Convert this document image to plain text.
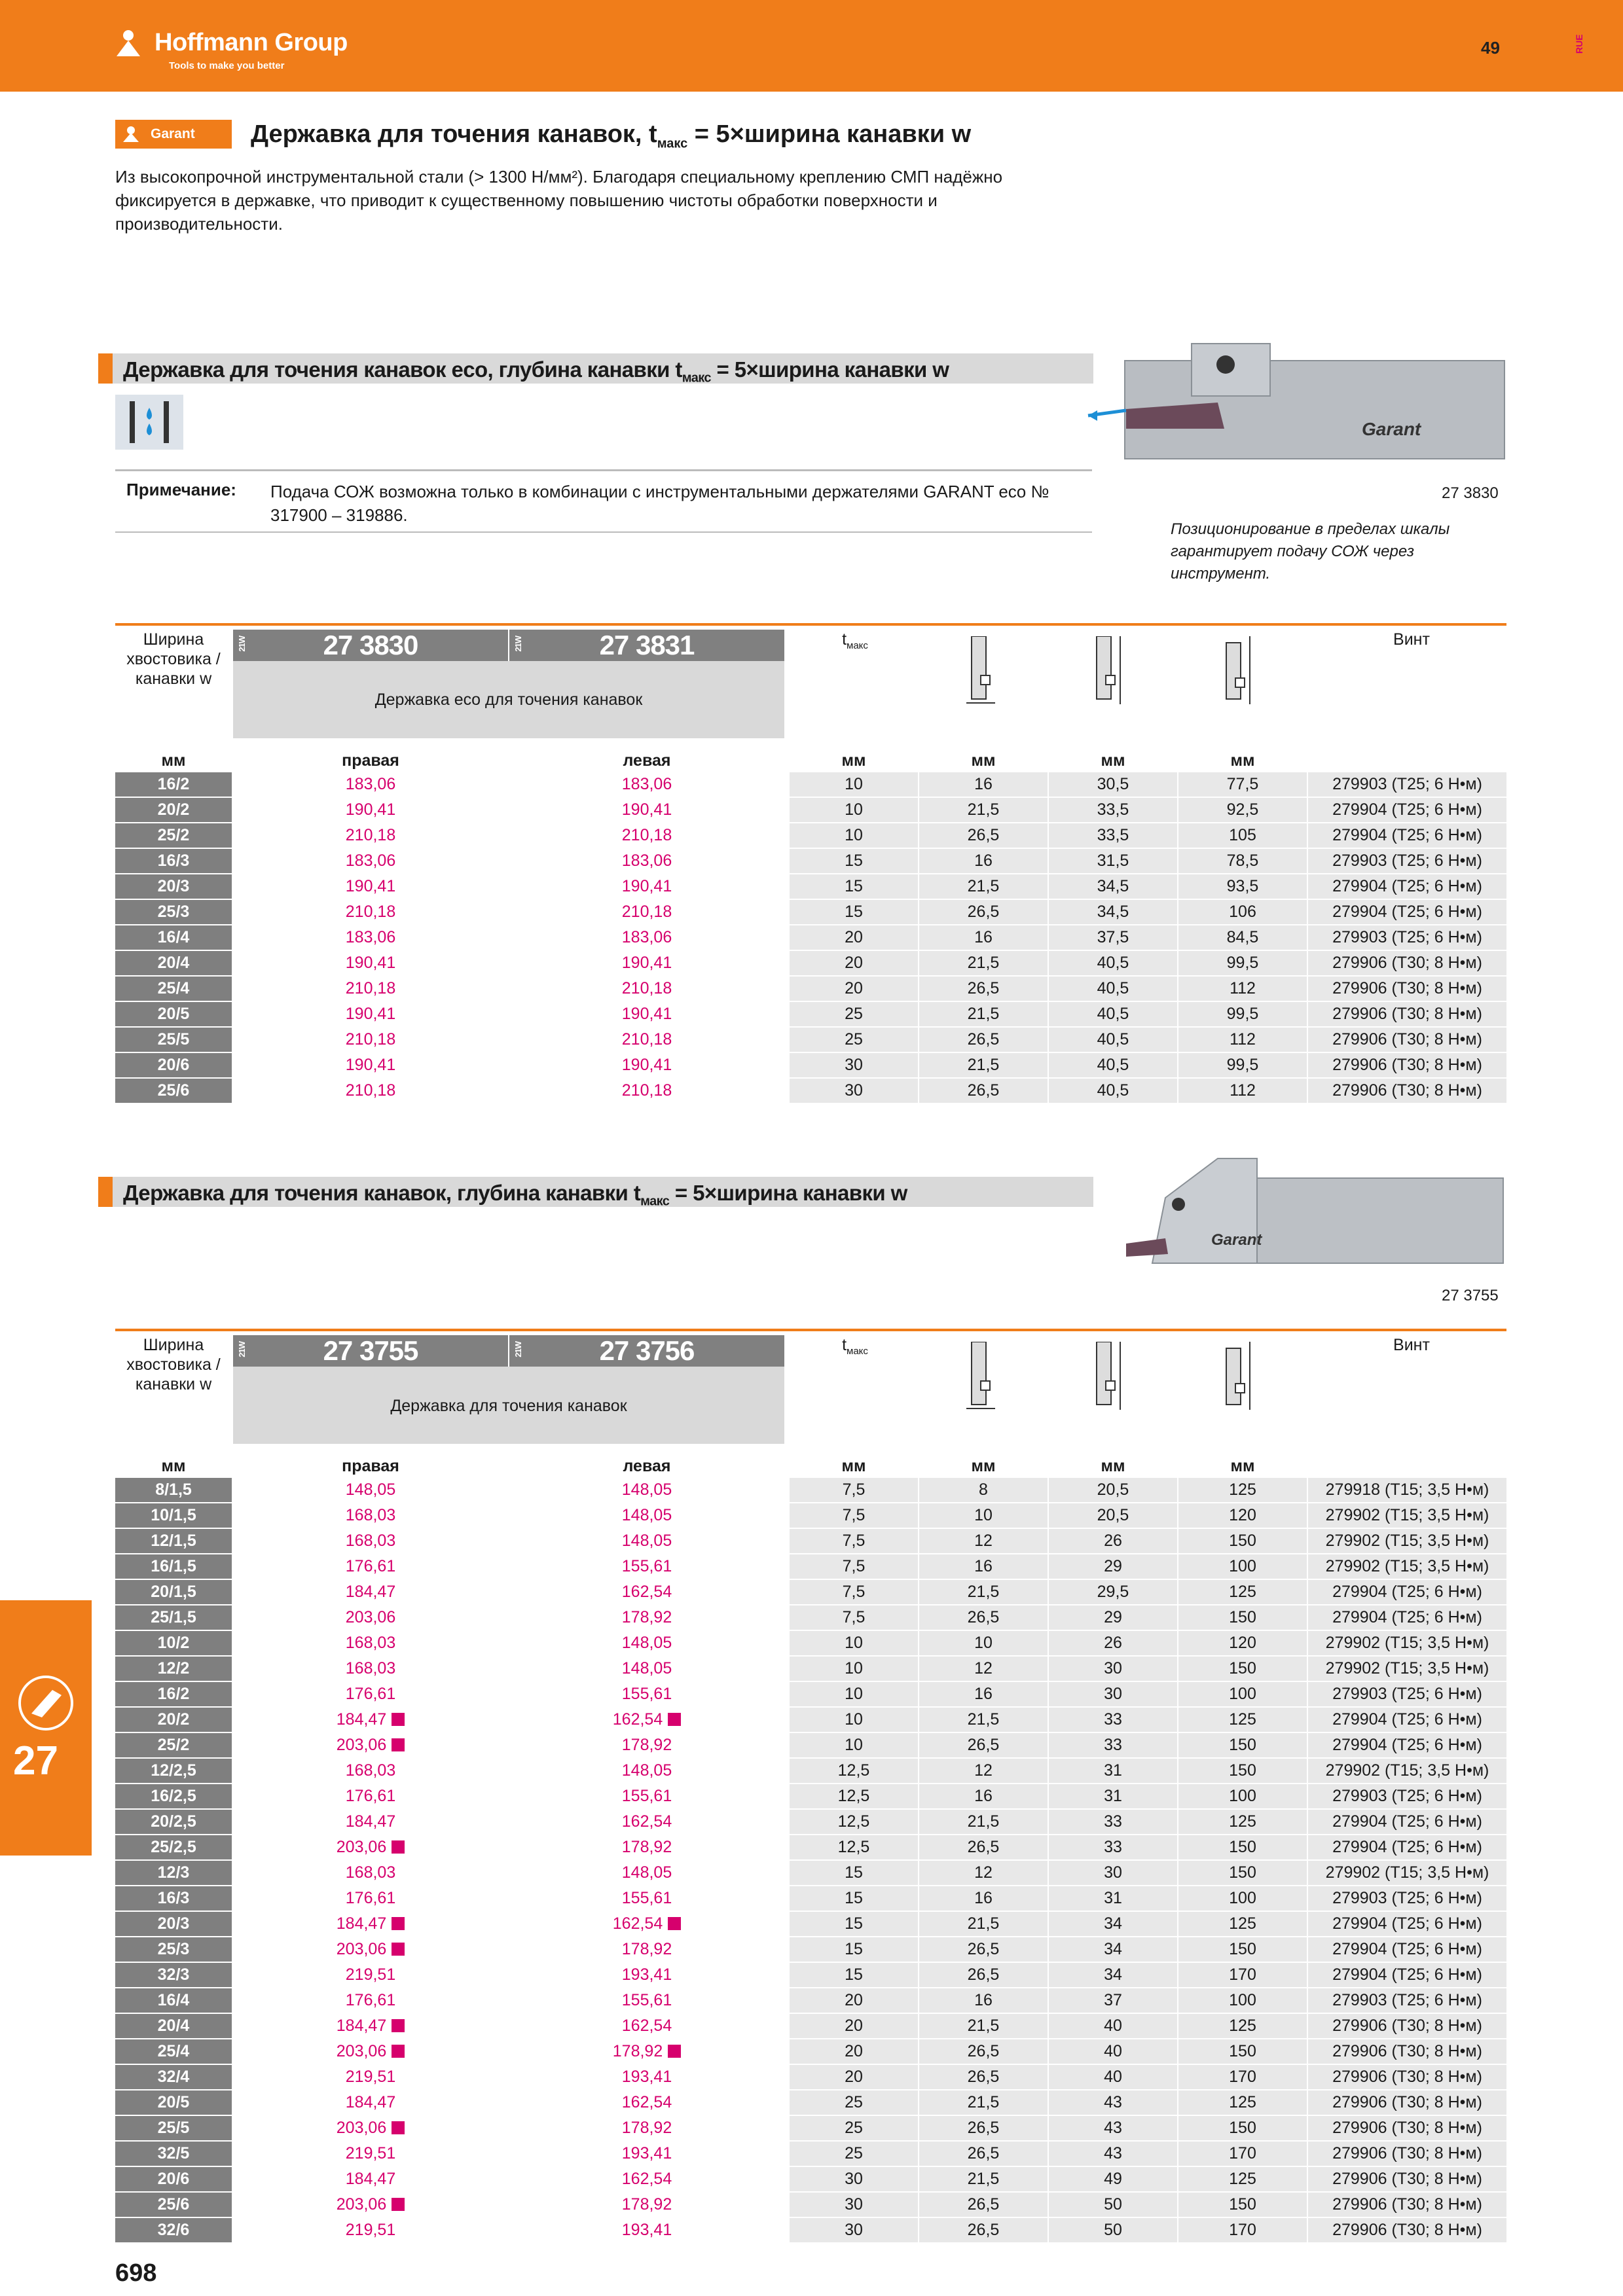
Hoffmann Group
Tools to make you better
49	RUE
Garant Державка для точения канавок, $t_{макс}$ = 5×ширина канавки w
Из высокопрочной инструментальной стали (> 1300 Н/мм²). Благодаря специальному креплению СМП надёжно фиксируется в державке, что приводит к существенному повышению чистоты обработки поверхности и производительности.
Державка для точения канавок eco, глубина канавки $t_{макс}$ = 5×ширина канавки w
Примечание: Подача СОЖ возможна только в комбинации с инструментальными держателями GARANT eco № 317900 – 319886.
Garant
27 3830
Позиционирование в пределах шкалы гарантирует подачу СОЖ через инструмент.
Ширина хвостовика / канавки w
21W	27 3830	21W	27 3831
Державка eco для точения канавок
$t_{макс}$	Винт
мм	правая	левая	мм	мм	мм	мм
16/2	183,06	183,06	10	16	30,5	77,5	279903 (T25; 6 Н•м)
20/2	190,41	190,41	10	21,5	33,5	92,5	279904 (T25; 6 Н•м)
25/2	210,18	210,18	10	26,5	33,5	105	279904 (T25; 6 Н•м)
16/3	183,06	183,06	15	16	31,5	78,5	279903 (T25; 6 Н•м)
20/3	190,41	190,41	15	21,5	34,5	93,5	279904 (T25; 6 Н•м)
25/3	210,18	210,18	15	26,5	34,5	106	279904 (T25; 6 Н•м)
16/4	183,06	183,06	20	16	37,5	84,5	279903 (T25; 6 Н•м)
20/4	190,41	190,41	20	21,5	40,5	99,5	279906 (T30; 8 Н•м)
25/4	210,18	210,18	20	26,5	40,5	112	279906 (T30; 8 Н•м)
20/5	190,41	190,41	25	21,5	40,5	99,5	279906 (T30; 8 Н•м)
25/5	210,18	210,18	25	26,5	40,5	112	279906 (T30; 8 Н•м)
20/6	190,41	190,41	30	21,5	40,5	99,5	279906 (T30; 8 Н•м)
25/6	210,18	210,18	30	26,5	40,5	112	279906 (T30; 8 Н•м)
Державка для точения канавок, глубина канавки $t_{макс}$ = 5×ширина канавки w
Garant
27 3755
Ширина хвостовика / канавки w
21W	27 3755	21W	27 3756
Державка для точения канавок
$t_{макс}$	Винт
мм	правая	левая	мм	мм	мм	мм
8/1,5	148,05	148,05	7,5	8	20,5	125	279918 (T15; 3,5 Н•м)
10/1,5	168,03	148,05	7,5	10	20,5	120	279902 (T15; 3,5 Н•м)
12/1,5	168,03	148,05	7,5	12	26	150	279902 (T15; 3,5 Н•м)
16/1,5	176,61	155,61	7,5	16	29	100	279902 (T15; 3,5 Н•м)
20/1,5	184,47	162,54	7,5	21,5	29,5	125	279904 (T25; 6 Н•м)
25/1,5	203,06	178,92	7,5	26,5	29	150	279904 (T25; 6 Н•м)
10/2	168,03	148,05	10	10	26	120	279902 (T15; 3,5 Н•м)
12/2	168,03	148,05	10	12	30	150	279902 (T15; 3,5 Н•м)
16/2	176,61	155,61	10	16	30	100	279903 (T25; 6 Н•м)
20/2	184,47	162,54	10	21,5	33	125	279904 (T25; 6 Н•м)
25/2	203,06	178,92	10	26,5	33	150	279904 (T25; 6 Н•м)
12/2,5	168,03	148,05	12,5	12	31	150	279902 (T15; 3,5 Н•м)
16/2,5	176,61	155,61	12,5	16	31	100	279903 (T25; 6 Н•м)
20/2,5	184,47	162,54	12,5	21,5	33	125	279904 (T25; 6 Н•м)
25/2,5	203,06	178,92	12,5	26,5	33	150	279904 (T25; 6 Н•м)
12/3	168,03	148,05	15	12	30	150	279902 (T15; 3,5 Н•м)
16/3	176,61	155,61	15	16	31	100	279903 (T25; 6 Н•м)
20/3	184,47	162,54	15	21,5	34	125	279904 (T25; 6 Н•м)
25/3	203,06	178,92	15	26,5	34	150	279904 (T25; 6 Н•м)
32/3	219,51	193,41	15	26,5	34	170	279904 (T25; 6 Н•м)
16/4	176,61	155,61	20	16	37	100	279903 (T25; 6 Н•м)
20/4	184,47	162,54	20	21,5	40	125	279906 (T30; 8 Н•м)
25/4	203,06	178,92	20	26,5	40	150	279906 (T30; 8 Н•м)
32/4	219,51	193,41	20	26,5	40	170	279906 (T30; 8 Н•м)
20/5	184,47	162,54	25	21,5	43	125	279906 (T30; 8 Н•м)
25/5	203,06	178,92	25	26,5	43	150	279906 (T30; 8 Н•м)
32/5	219,51	193,41	25	26,5	43	170	279906 (T30; 8 Н•м)
20/6	184,47	162,54	30	21,5	49	125	279906 (T30; 8 Н•м)
25/6	203,06	178,92	30	26,5	50	150	279906 (T30; 8 Н•м)
32/6	219,51	193,41	30	26,5	50	170	279906 (T30; 8 Н•м)
27
698
